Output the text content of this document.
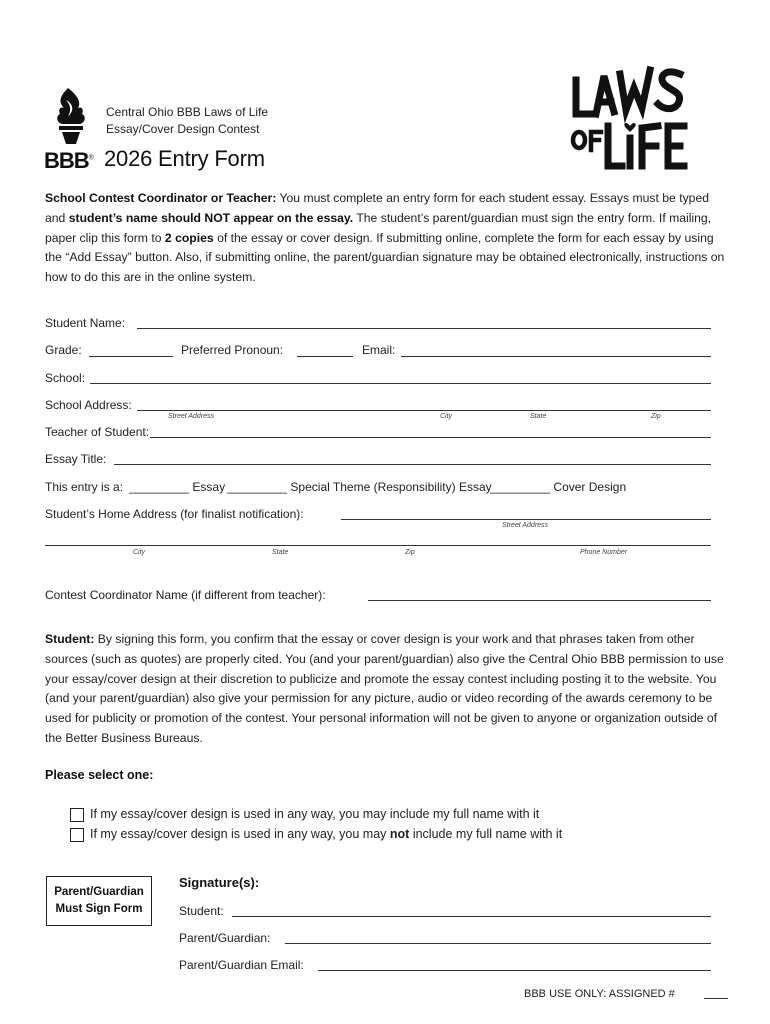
BBB®
Central Ohio BBB Laws of Life
Essay/Cover Design Contest
2026 Entry Form
School Contest Coordinator or Teacher: You must complete an entry form for each student essay. Essays must be typed and student’s name should NOT appear on the essay. The student’s parent/guardian must sign the entry form. If mailing, paper clip this form to 2 copies of the essay or cover design. If submitting online, complete the form for each essay by using the “Add Essay” button. Also, if submitting online, the parent/guardian signature may be obtained electronically, instructions on how to do this are in the online system.
Student Name:
Grade:	Preferred Pronoun:	Email:
School:
School Address:
Street Address	City	State	Zip
Teacher of Student:
Essay Title:
This entry is a: _________ Essay _________ Special Theme (Responsibility) Essay
_________ Cover Design
Student’s Home Address (for finalist notification):
Street Address
City	State	Zip	Phone Number
Contest Coordinator Name (if different from teacher):
Student: By signing this form, you confirm that the essay or cover design is your work and that phrases taken from other sources (such as quotes) are properly cited. You (and your parent/guardian) also give the Central Ohio BBB permission to use your essay/cover design at their discretion to publicize and promote the essay contest including posting it to the website. You (and your parent/guardian) also give your permission for any picture, audio or video recording of the awards ceremony to be used for publicity or promotion of the contest. Your personal information will not be given to anyone or organization outside of the Better Business Bureaus.
Please select one:
If my essay/cover design is used in any way, you may include my full name with it
If my essay/cover design is used in any way, you may not include my full name with it
Parent/Guardian
Must Sign Form
Signature(s):
Student:
Parent/Guardian:
Parent/Guardian Email:
BBB USE ONLY: ASSIGNED #
